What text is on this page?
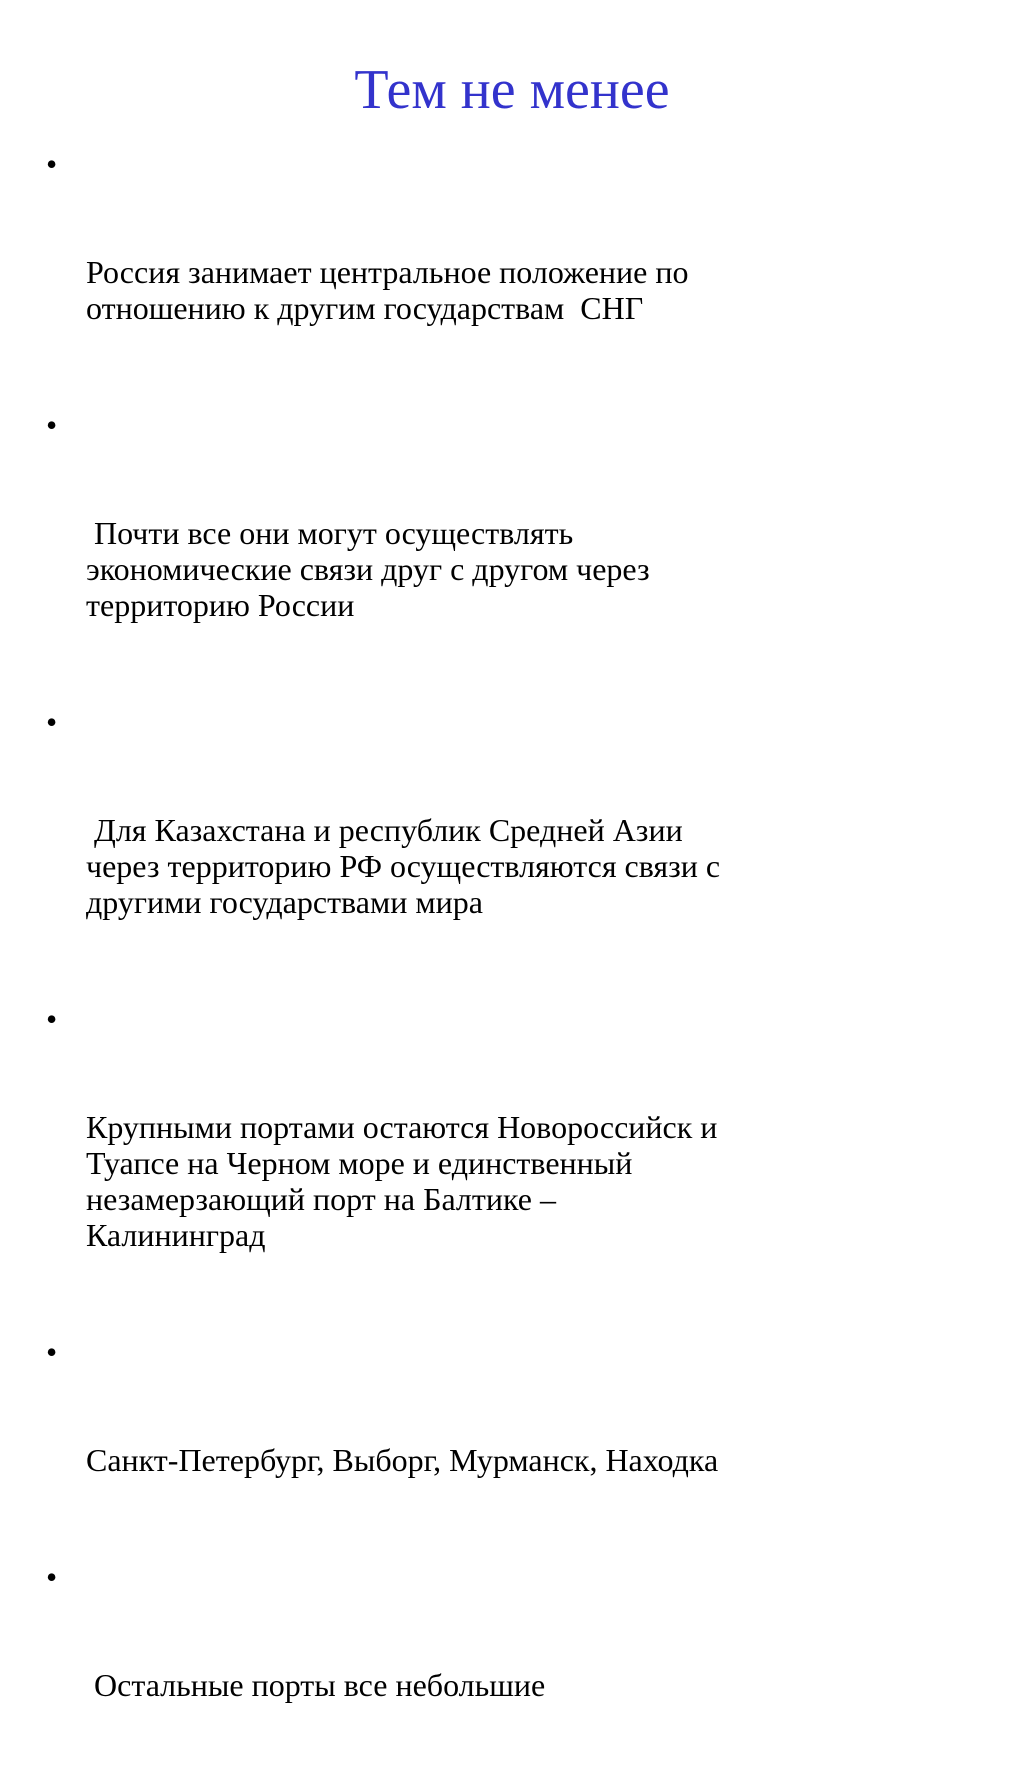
Тем не менее

•

Россия занимает центральное положение по
отношению к другим государствам  СНГ

•

Почти все они могут осуществлять
экономические связи друг с другом через
территорию России

•

Для Казахстана и республик Средней Азии
через территорию РФ осуществляются связи с
другими государствами мира

•

Крупными портами остаются Новороссийск и
Туапсе на Черном море и единственный
незамерзающий порт на Балтике –
Калининград

•

Санкт-Петербург, Выборг, Мурманск, Находка

•

Остальные порты все небольшие
